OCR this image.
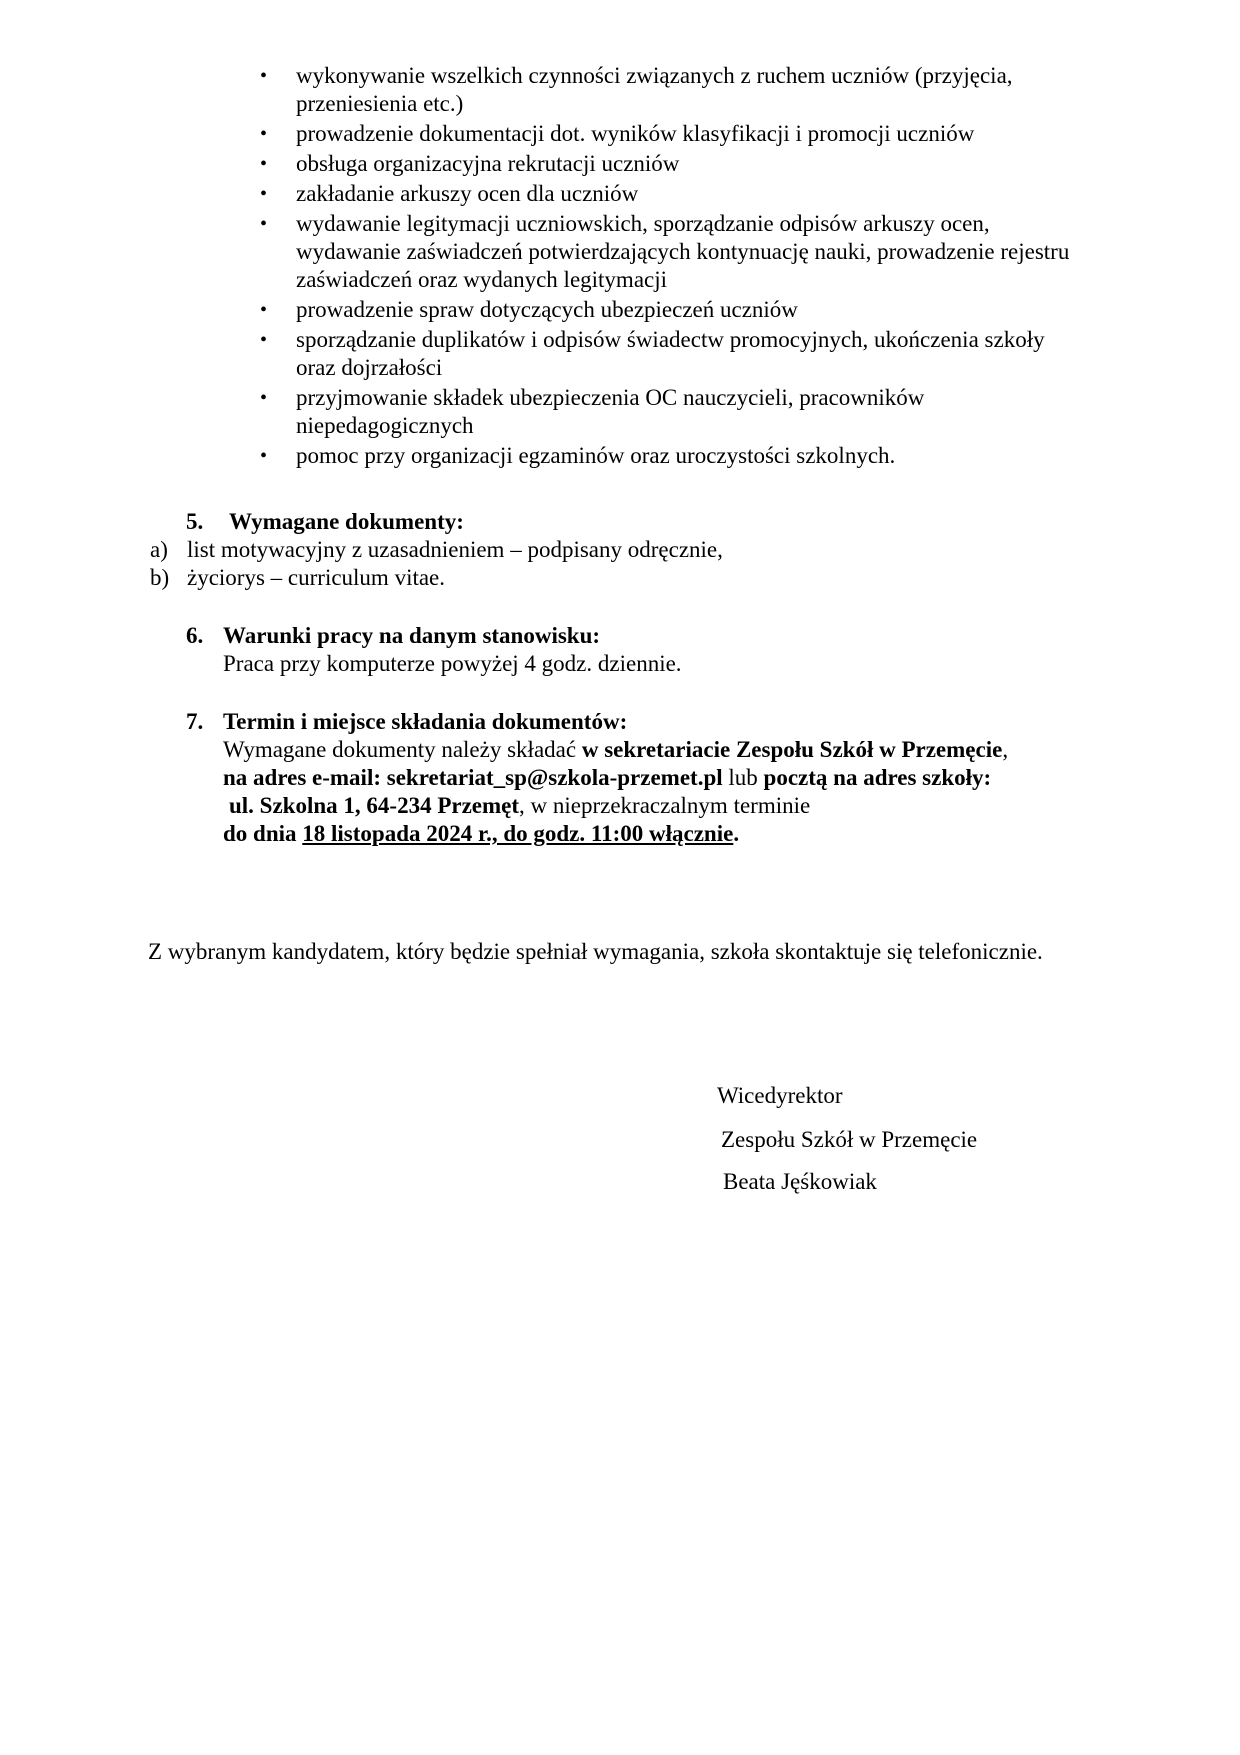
• wykonywanie wszelkich czynności związanych z ruchem uczniów (przyjęcia, przeniesienia etc.)
• prowadzenie dokumentacji dot. wyników klasyfikacji i promocji uczniów
• obsługa organizacyjna rekrutacji uczniów
• zakładanie arkuszy ocen dla uczniów
• wydawanie legitymacji uczniowskich, sporządzanie odpisów arkuszy ocen, wydawanie zaświadczeń potwierdzających kontynuację nauki, prowadzenie rejestru zaświadczeń oraz wydanych legitymacji
• prowadzenie spraw dotyczących ubezpieczeń uczniów
• sporządzanie duplikatów i odpisów świadectw promocyjnych, ukończenia szkoły oraz dojrzałości
• przyjmowanie składek ubezpieczenia OC nauczycieli, pracowników niepedagogicznych
• pomoc przy organizacji egzaminów oraz uroczystości szkolnych.
5. Wymagane dokumenty:
a) list motywacyjny z uzasadnieniem – podpisany odręcznie,
b) życiorys – curriculum vitae.
6. Warunki pracy na danym stanowisku:
Praca przy komputerze powyżej 4 godz. dziennie.
7. Termin i miejsce składania dokumentów:
Wymagane dokumenty należy składać w sekretariacie Zespołu Szkół w Przemęcie,
na adres e-mail: sekretariat_sp@szkola-przemet.pl lub pocztą na adres szkoły:
ul. Szkolna 1, 64-234 Przemęt, w nieprzekraczalnym terminie
do dnia 18 listopada 2024 r., do godz. 11:00 włącznie.
Z wybranym kandydatem, który będzie spełniał wymagania, szkoła skontaktuje się telefonicznie.
Wicedyrektor
Zespołu Szkół w Przemęcie
Beata Jęśkowiak
